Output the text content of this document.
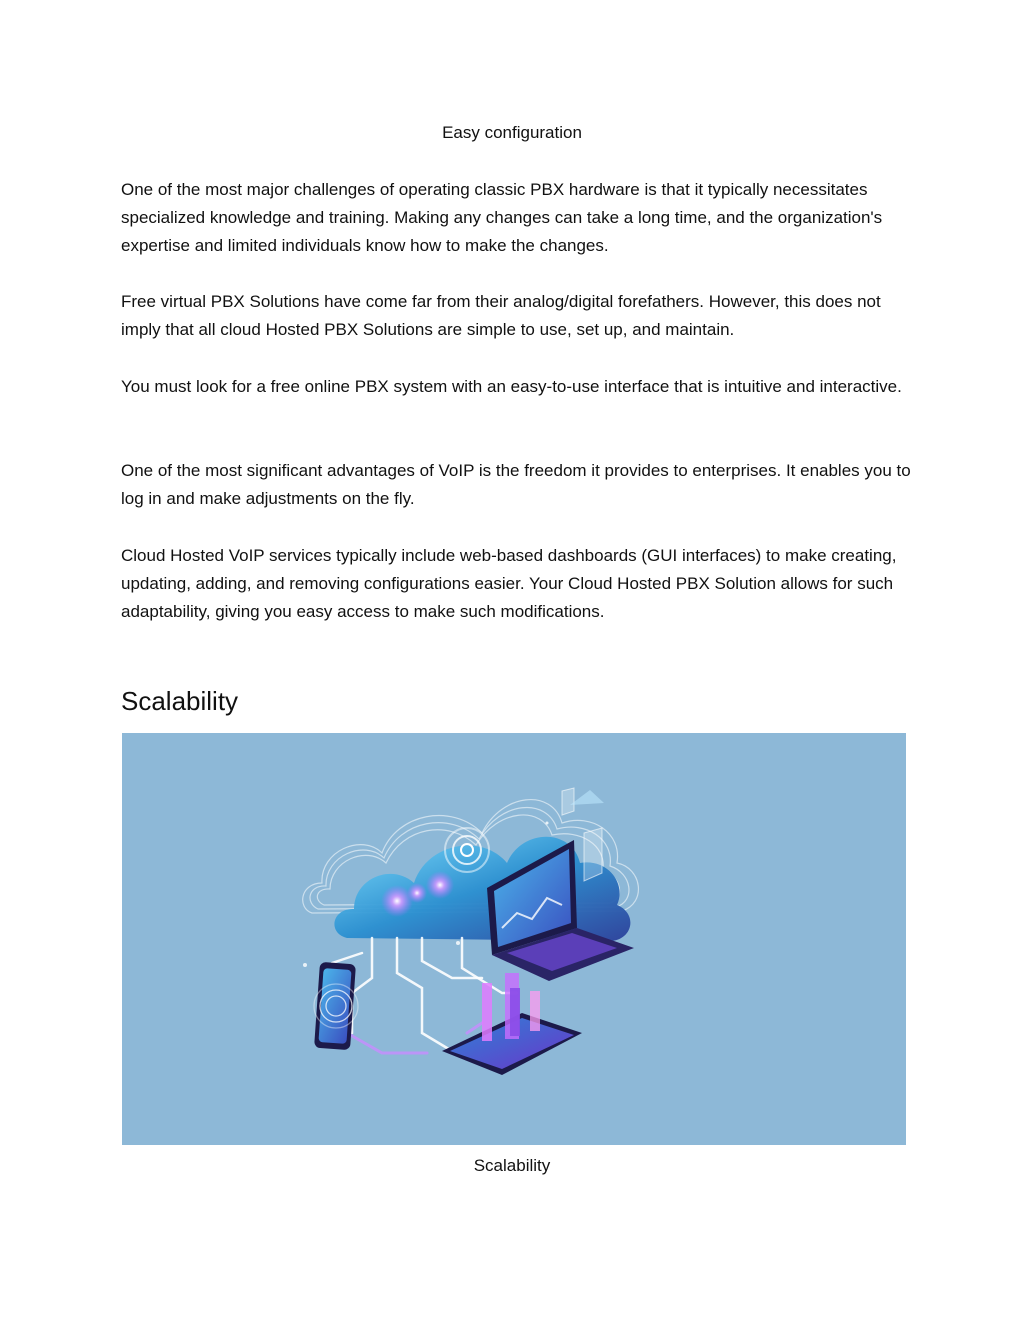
Easy configuration

One of the most major challenges of operating classic PBX hardware is that it typically necessitates specialized knowledge and training. Making any changes can take a long time, and the organization's expertise and limited individuals know how to make the changes.

Free virtual PBX Solutions have come far from their analog/digital forefathers. However, this does not imply that all cloud Hosted PBX Solutions are simple to use, set up, and maintain.

You must look for a free online PBX system with an easy-to-use interface that is intuitive and interactive.

One of the most significant advantages of VoIP is the freedom it provides to enterprises. It enables you to log in and make adjustments on the fly.

Cloud Hosted VoIP services typically include web-based dashboards (GUI interfaces) to make creating, updating, adding, and removing configurations easier. Your Cloud Hosted PBX Solution allows for such adaptability, giving you easy access to make such modifications.

Scalability
Scalability
